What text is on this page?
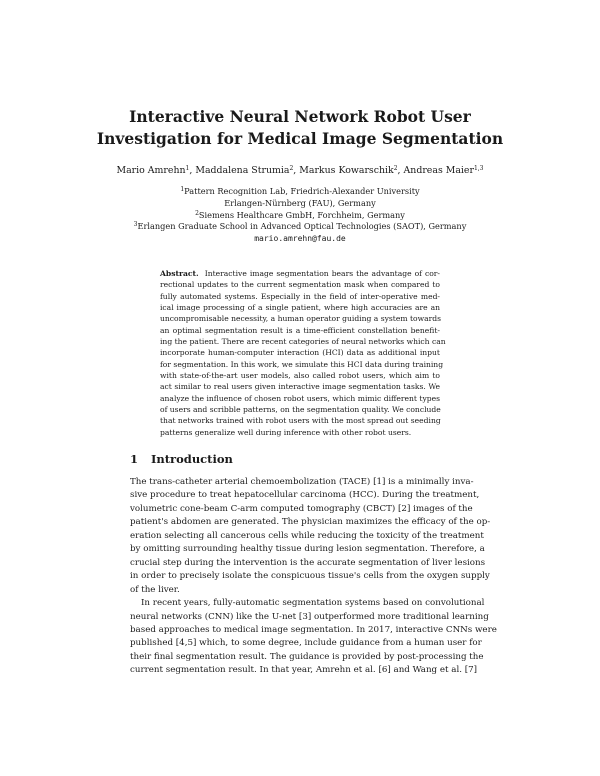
Interactive Neural Network Robot User
Investigation for Medical Image Segmentation
Mario Amrehn$^1$, Maddalena Strumia$^2$, Markus Kowarschik$^2$, Andreas Maier$^{1,3}$
$^1$Pattern Recognition Lab, Friedrich-Alexander University
Erlangen-Nürnberg (FAU), Germany
$^2$Siemens Healthcare GmbH, Forchheim, Germany
$^3$Erlangen Graduate School in Advanced Optical Technologies (SAOT), Germany
mario.amrehn@fau.de
Abstract. Interactive image segmentation bears the advantage of cor-
rectional updates to the current segmentation mask when compared to
fully automated systems. Especially in the field of inter-operative med-
ical image processing of a single patient, where high accuracies are an
uncompromisable necessity, a human operator guiding a system towards
an optimal segmentation result is a time-efficient constellation benefit-
ing the patient. There are recent categories of neural networks which can
incorporate human-computer interaction (HCI) data as additional input
for segmentation. In this work, we simulate this HCI data during training
with state-of-the-art user models, also called robot users, which aim to
act similar to real users given interactive image segmentation tasks. We
analyze the influence of chosen robot users, which mimic different types
of users and scribble patterns, on the segmentation quality. We conclude
that networks trained with robot users with the most spread out seeding
patterns generalize well during inference with other robot users.
1 Introduction
The trans-catheter arterial chemoembolization (TACE) [1] is a minimally inva-
sive procedure to treat hepatocellular carcinoma (HCC). During the treatment,
volumetric cone-beam C-arm computed tomography (CBCT) [2] images of the
patient's abdomen are generated. The physician maximizes the efficacy of the op-
eration selecting all cancerous cells while reducing the toxicity of the treatment
by omitting surrounding healthy tissue during lesion segmentation. Therefore, a
crucial step during the intervention is the accurate segmentation of liver lesions
in order to precisely isolate the conspicuous tissue's cells from the oxygen supply
of the liver.
In recent years, fully-automatic segmentation systems based on convolutional
neural networks (CNN) like the U-net [3] outperformed more traditional learning
based approaches to medical image segmentation. In 2017, interactive CNNs were
published [4,5] which, to some degree, include guidance from a human user for
their final segmentation result. The guidance is provided by post-processing the
current segmentation result. In that year, Amrehn et al. [6] and Wang et al. [7]
